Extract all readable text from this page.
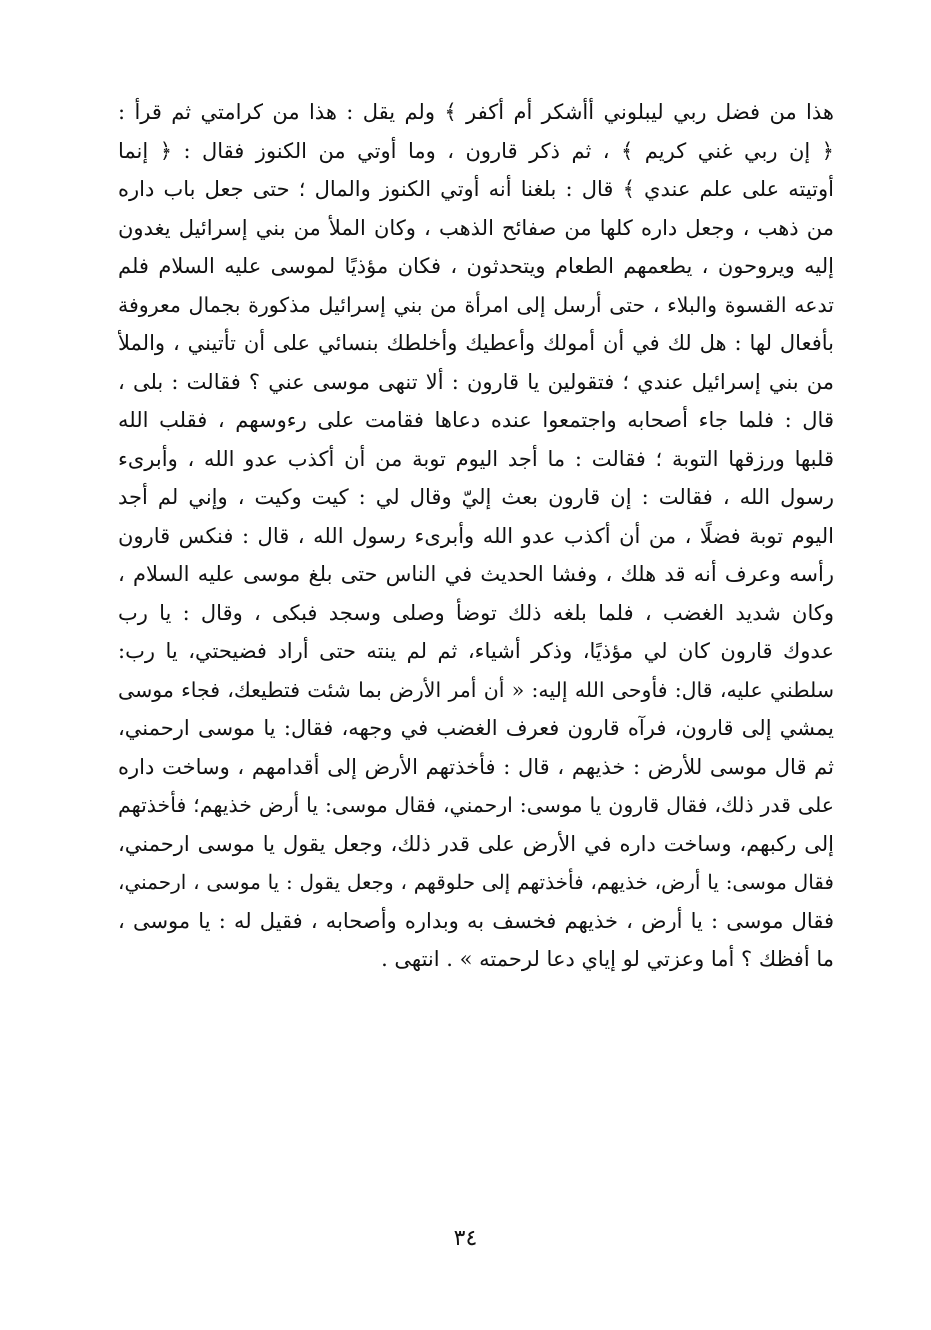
هذا من فضل ربي ليبلوني أأشكر أم أكفر ﴾ ولم يقل : هذا من كرامتي ثم قرأ :
﴿ إن ربي غني كريم ﴾ ، ثم ذكر قارون ، وما أوتي من الكنوز فقال : ﴿ إنما
أوتيته على علم عندي ﴾ قال : بلغنا أنه أوتي الكنوز والمال ؛ حتى جعل باب داره
من ذهب ، وجعل داره كلها من صفائح الذهب ، وكان الملأ من بني إسرائيل يغدون
إليه ويروحون ، يطعمهم الطعام ويتحدثون ، فكان مؤذيًا لموسى عليه السلام فلم
تدعه القسوة والبلاء ، حتى أرسل إلى امرأة من بني إسرائيل مذكورة بجمال معروفة
بأفعال لها : هل لك في أن أمولك وأعطيك وأخلطك بنسائي على أن تأتيني ، والملأ
من بني إسرائيل عندي ؛ فتقولين يا قارون : ألا تنهى موسى عني ؟ فقالت : بلى ،
قال : فلما جاء أصحابه واجتمعوا عنده دعاها فقامت على رءوسهم ، فقلب الله
قلبها ورزقها التوبة ؛ فقالت : ما أجد اليوم توبة من أن أكذب عدو الله ، وأبرىء
رسول الله ، فقالت : إن قارون بعث إليّ وقال لي : كيت وكيت ، وإني لم أجد
اليوم توبة فضلًا ، من أن أكذب عدو الله وأبرىء رسول الله ، قال : فنكس قارون
رأسه وعرف أنه قد هلك ، وفشا الحديث في الناس حتى بلغ موسى عليه السلام ،
وكان شديد الغضب ، فلما بلغه ذلك توضأ وصلى وسجد فبكى ، وقال : يا رب
عدوك قارون كان لي مؤذيًا، وذكر أشياء، ثم لم ينته حتى أراد فضيحتي، يا رب:
سلطني عليه، قال: فأوحى الله إليه: « أن أمر الأرض بما شئت فتطيعك، فجاء موسى
يمشي إلى قارون، فرآه قارون فعرف الغضب في وجهه، فقال: يا موسى ارحمني،
ثم قال موسى للأرض : خذيهم ، قال : فأخذتهم الأرض إلى أقدامهم ، وساخت داره
على قدر ذلك، فقال قارون يا موسى: ارحمني، فقال موسى: يا أرض خذيهم؛ فأخذتهم
إلى ركبهم، وساخت داره في الأرض على قدر ذلك، وجعل يقول يا موسى ارحمني،
فقال موسى: يا أرض، خذيهم، فأخذتهم إلى حلوقهم ، وجعل يقول : يا موسى ، ارحمني،
فقال موسى : يا أرض ، خذيهم فخسف به وبداره وأصحابه ، فقيل له : يا موسى ،
ما أفظك ؟ أما وعزتي لو إياي دعا لرحمته » . انتهى .
٣٤
